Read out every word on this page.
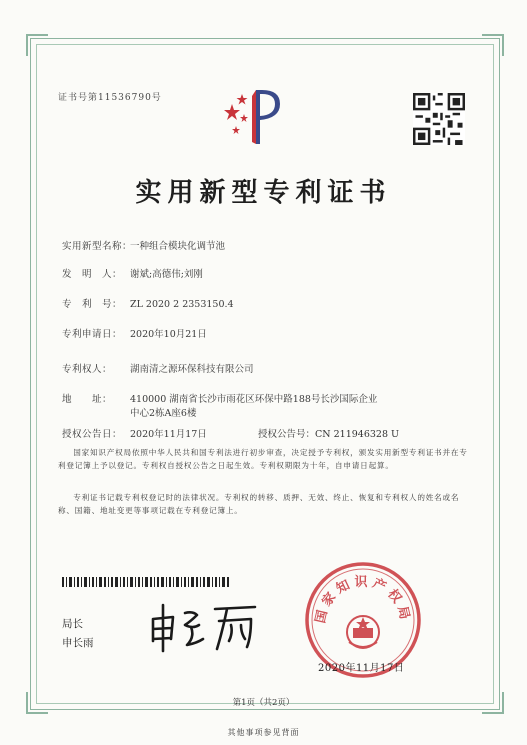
证书号第11536790号
实用新型专利证书
实用新型名称：一种组合模块化调节池
发　明　人： 谢斌;高德伟;刘刚
专　利　号： ZL 2020 2 2353150.4
专利申请日： 2020年10月21日
专利权人： 湖南清之源环保科技有限公司
地　　址： 410000 湖南省长沙市雨花区环保中路188号长沙国际企业
中心2栋A座6楼
授权公告日： 2020年11月17日	授权公告号：CN 211946328 U
国家知识产权局依照中华人民共和国专利法进行初步审查，决定授予专利权，颁发实用新型专利证书并在专利登记簿上予以登记。专利权自授权公告之日起生效。专利权期限为十年，自申请日起算。
专利证书记载专利权登记时的法律状况。专利权的转移、质押、无效、终止、恢复和专利权人的姓名或名称、国籍、地址变更等事项记载在专利登记簿上。
局长
申长雨
国家知识产权局
2020年11月17日
第1页（共2页）
其他事项参见背面
